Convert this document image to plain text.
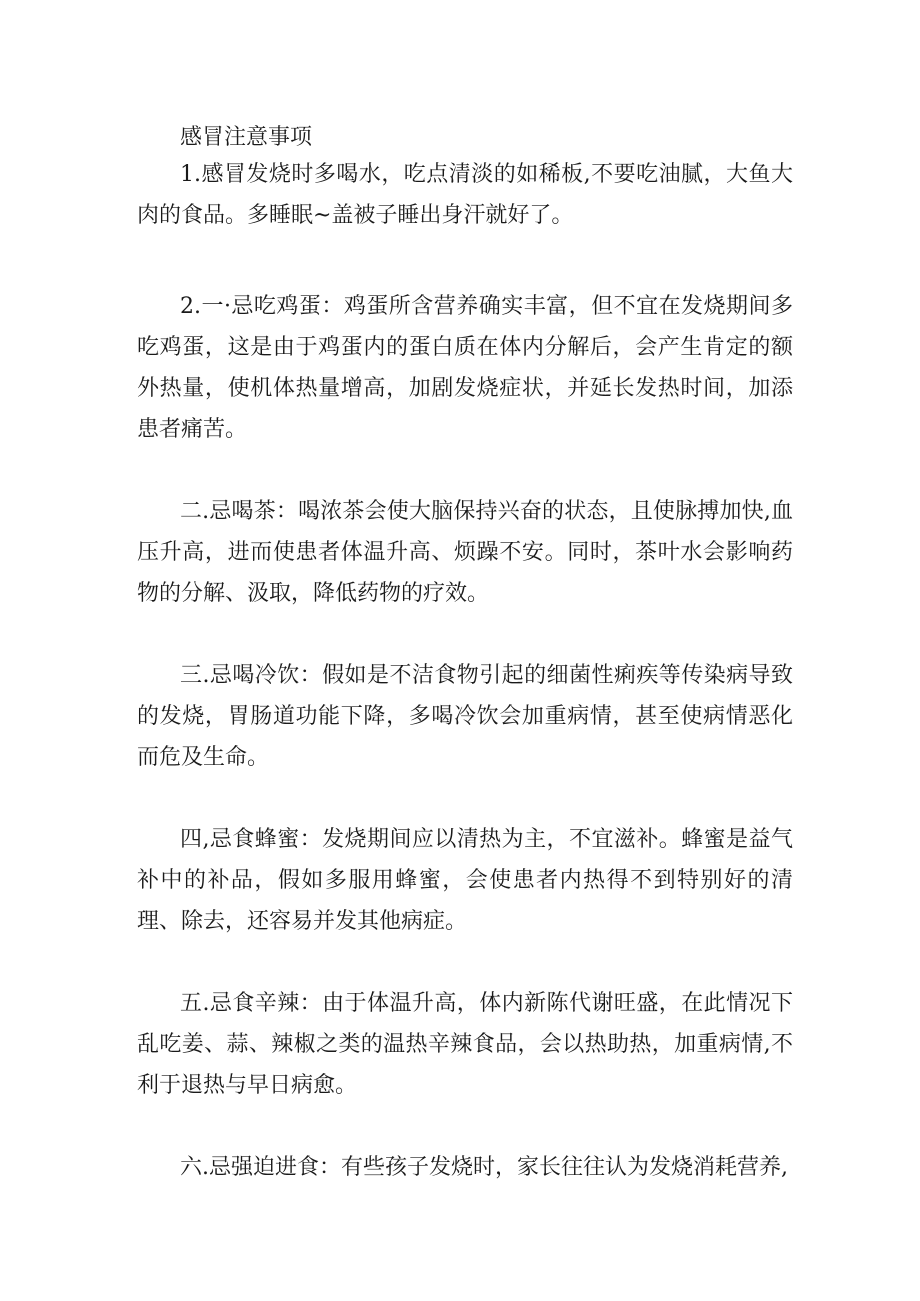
感冒注意事项

1.感冒发烧时多喝水，吃点清淡的如稀板,不要吃油腻，大鱼大肉的食品。多睡眠~盖被子睡出身汗就好了。

2.一·忌吃鸡蛋：鸡蛋所含营养确实丰富，但不宜在发烧期间多吃鸡蛋，这是由于鸡蛋内的蛋白质在体内分解后，会产生肯定的额外热量，使机体热量增高，加剧发烧症状，并延长发热时间，加添患者痛苦。

二.忌喝茶：喝浓茶会使大脑保持兴奋的状态，且使脉搏加快,血压升高，进而使患者体温升高、烦躁不安。同时，茶叶水会影响药物的分解、汲取，降低药物的疗效。

三.忌喝冷饮：假如是不洁食物引起的细菌性痢疾等传染病导致的发烧，胃肠道功能下降，多喝冷饮会加重病情，甚至使病情恶化而危及生命。

四,忌食蜂蜜：发烧期间应以清热为主，不宜滋补。蜂蜜是益气补中的补品，假如多服用蜂蜜，会使患者内热得不到特别好的清理、除去，还容易并发其他病症。

五.忌食辛辣：由于体温升高，体内新陈代谢旺盛，在此情况下乱吃姜、蒜、辣椒之类的温热辛辣食品，会以热助热，加重病情,不利于退热与早日病愈。

六.忌强迫进食：有些孩子发烧时，家长往往认为发烧消耗营养,
